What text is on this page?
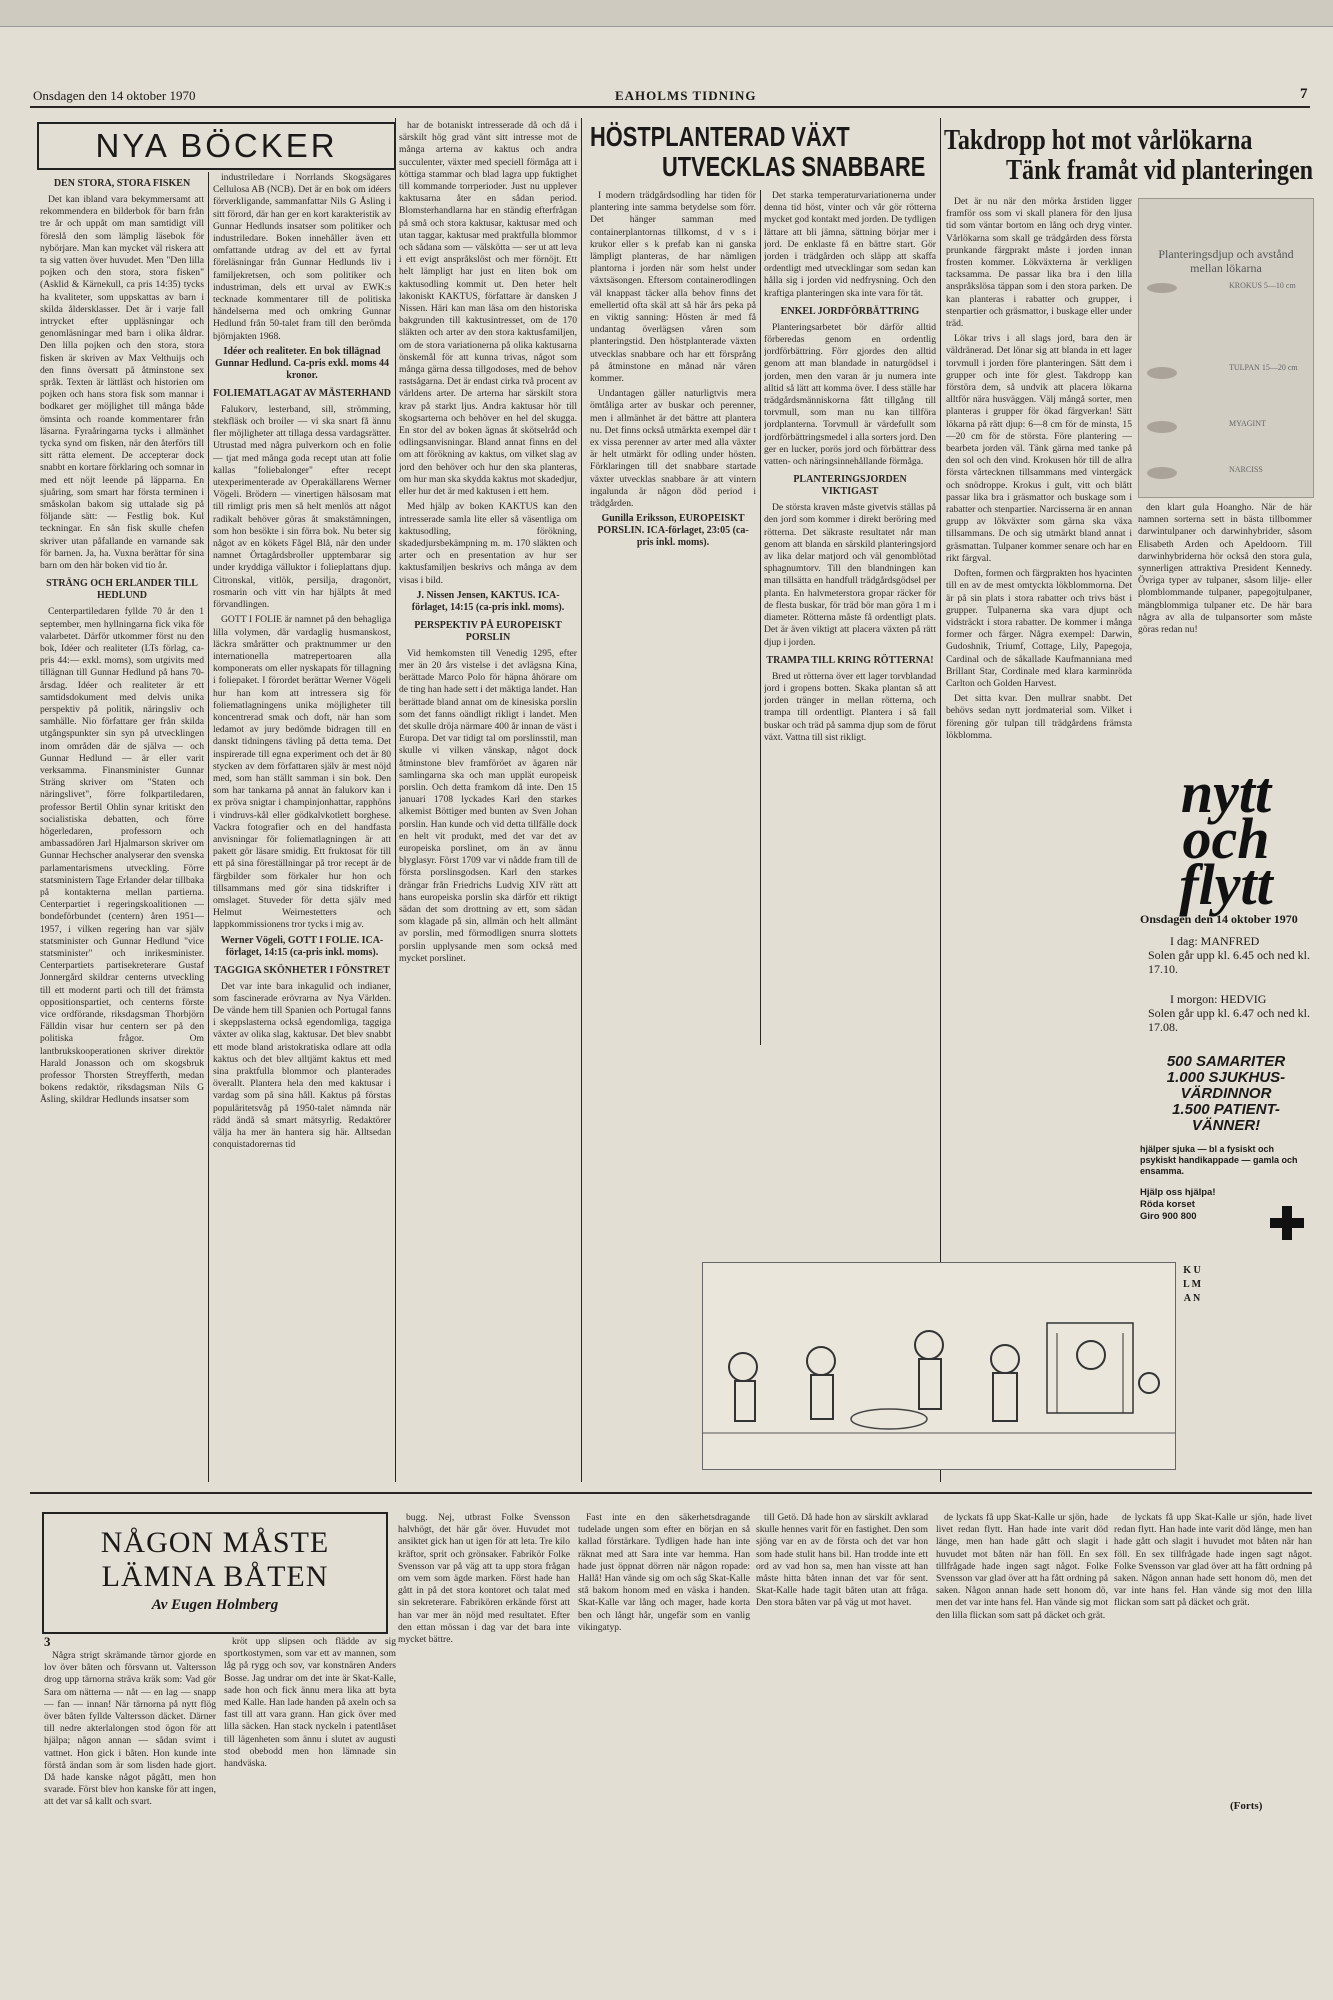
Onsdagen den 14 oktober 1970	EAHOLMS TIDNING	7
NYA BÖCKER
DEN STORA, STORA FISKEN

Det kan ibland vara bekymmersamt att rekommendera en bilderbok för barn från tre år och uppåt om man samtidigt vill föreslå den som lämplig läsebok för nybörjare. Man kan mycket väl riskera att ta sig vatten över huvudet. Men "Den lilla pojken och den stora, stora fisken" (Asklid & Kärnekull, ca pris 14:35) tycks ha kvaliteter, som uppskattas av barn i skilda åldersklasser. Det är i varje fall intrycket efter uppläsningar och genomläsningar med barn i olika åldrar. Den lilla pojken och den stora, stora fisken är skriven av Max Velthuijs och den finns översatt på åtminstone sex språk. Texten är lättläst och historien om pojken och hans stora fisk som mannar i bodkaret ger möjlighet till många både ömsinta och roande kommentarer från läsarna. Fyraåringarna tycks i allmänhet tycka synd om fisken, när den återförs till sitt rätta element. De accepterar dock snabbt en kortare förklaring och somnar in med ett nöjt leende på läpparna. En sjuåring, som smart har första terminen i småskolan bakom sig uttalade sig på följande sätt: — Festlig bok. Kul teckningar. En sån fisk skulle chefen skriver utan påfallande en varnande sak för barnen. Ja, ha. Vuxna berättar för sina barn om den här boken vid tio år.

STRÄNG OCH ERLANDER TILL HEDLUND

Centerpartiledaren fyllde 70 år den 1 september, men hyllningarna fick vika för valarbetet. Därför utkommer först nu den bok, Idéer och realiteter (LTs förlag, ca-pris 44:— exkl. moms), som utgivits med tillägnan till Gunnar Hedlund på hans 70-årsdag. Idéer och realiteter är ett samtidsdokument med delvis unika perspektiv på politik, näringsliv och samhälle. Nio författare ger från skilda utgångspunkter sin syn på utvecklingen inom områden där de själva — och Gunnar Hedlund — är eller varit verksamma. Finansminister Gunnar Sträng skriver om "Staten och näringslivet", förre folkpartiledaren, professor Bertil Ohlin synar kritiskt den socialistiska debatten, och förre högerledaren, professorn och ambassadören Jarl Hjalmarson skriver om Gunnar Hechscher analyserar den svenska parlamentarismens utveckling. Förre statsministern Tage Erlander delar tillbaka på kontakterna mellan partierna. Centerpartiet i regeringskoalitionen — bondeförbundet (centern) åren 1951—1957, i vilken regering han var själv statsminister och Gunnar Hedlund "vice statsminister" och inrikesminister. Centerpartiets partisekreterare Gustaf Jonnergård skildrar centerns utveckling till ett modernt parti och till det främsta oppositionspartiet, och centerns förste vice ordförande, riksdagsman Thorbjörn Fälldin visar hur centern ser på den politiska frågor. Om lantbrukskooperationen skriver direktör Harald Jonasson och om skogsbruk professor Thorsten Streyfferth, medan bokens redaktör, riksdagsman Nils G Åsling, skildrar Hedlunds insatser som

industriledare i Norrlands Skogsägares Cellulosa AB (NCB). Det är en bok om idéers förverkligande, sammanfattar Nils G Åsling i sitt förord, där han ger en kort karakteristik av Gunnar Hedlunds insatser som politiker och industriledare. Boken innehåller även ett omfattande utdrag av del ett av fyrtal föreläsningar från Gunnar Hedlunds liv i familjekretsen, och som politiker och industriman, dels ett urval av EWK:s tecknade kommentarer till de politiska händelserna med och omkring Gunnar Hedlund från 50-talet fram till den berömda björnjakten 1968.

Idéer och realiteter. En bok tillägnad Gunnar Hedlund. Ca-pris exkl. moms 44 kronor.
FOLIEMATLAGAT AV MÄSTERHAND

Falukorv, lesterband, sill, strömming, stekfläsk och broiler — vi ska snart få ännu fler möjligheter att tillaga dessa vardagsrätter. Utrustad med några pulverkorn och en folie — tjat med många goda recept utan att folie kallas "foliebalonger" efter recept utexperimenterade av Operakällarens Werner Vögeli. Brödern — vinertigen hälsosam mat till rimligt pris men så helt menlös att något radikalt behöver göras åt smakstämningen, som hon besökte i sin förra bok. Nu beter sig något av en kökets Fågel Blå, när den under namnet Örtagårdsbroller upptembarar sig under kryddiga välluktor i folieplattans djup. Citronskal, vitlök, persilja, dragonört, rosmarin och vitt vin har hjälpts åt med förvandlingen.

GOTT I FOLIE är namnet på den behagliga lilla volymen, där vardaglig husmanskost, läckra smårätter och praktnummer ur den internationella matrepertoaren alla komponerats om eller nyskapats för tillagning i foliepaket. I förordet berättar Werner Vögeli hur han kom att intressera sig för foliematlagningens unika möjligheter till koncentrerad smak och doft, när han som ledamot av jury bedömde bidragen till en danskt tidningens tävling på detta tema. Det inspirerade till egna experiment och det är 80 stycken av dem författaren själv är mest nöjd med, som han ställt samman i sin bok. Den som har tankarna på annat än falukorv kan i ex pröva snigtar i champinjonhattar, rapphöns i vindruvs-kål eller gödkalvkotlett borghese. Vackra fotografier och en del handfasta anvisningar för foliematlagningen är att pakett gör läsare smidig. Ett fruktosat för till ett på sina föreställningar på tror recept är de färgbilder som förkaler hur hon och tillsammans med gör sina tidskrifter i omslaget. Stuveder för detta själv med Helmut Weirnestetters och lappkommissionens tror tycks i mig av.

Werner Vögeli, GOTT I FOLIE. ICA-förlaget, 14:15 (ca-pris inkl. moms).
TAGGIGA SKÖNHETER I FÖNSTRET

Det var inte bara inkagulid och indianer, som fascinerade erövrarna av Nya Världen. De vände hem till Spanien och Portugal fanns i skeppslasterna också egendomliga, taggiga växter av olika slag, kaktusar. Det blev snabbt ett mode bland aristokratiska odlare att odla kaktus och det blev alltjämt kaktus ett med sina praktfulla blommor och planterades överallt. Plantera hela den med kaktusar i vardag som på sina håll. Kaktus på förstas populäritetsvåg på 1950-talet nämnda när rädd ändå så smart mätsyrlig. Redaktörer välja ha mer än hantera sig här. Alltsedan conquistadorernas tid

har de botaniskt intresserade då och då i särskilt hög grad vänt sitt intresse mot de många arterna av kaktus och andra succulenter, växter med speciell förmåga att i köttiga stammar och blad lagra upp fuktighet till kommande torrperioder. Just nu upplever kaktusarna åter en sådan period. Blomsterhandlarna har en ständig efterfrågan på små och stora kaktusar, kaktusar med och utan taggar, kaktusar med praktfulla blommor och sådana som — välskötta — ser ut att leva i ett evigt anspråkslöst och mer förnöjt. Ett helt lämpligt har just en liten bok om kaktusodling kommit ut. Den heter helt lakoniskt KAKTUS, författare är dansken J Nissen. Häri kan man läsa om den historiska bakgrunden till kaktusintresset, om de 170 släkten och arter av den stora kaktusfamiljen, om de stora variationerna på olika kaktusarna önskemål för att kunna trivas, något som många gärna dessa tillgodoses, med de behov rastsågarna. Det är endast cirka två procent av världens arter. De arterna har särskilt stora krav på starkt ljus. Andra kaktusar hör till skogsarterna och behöver en hel del skugga. En stor del av boken ägnas åt skötselråd och odlingsanvisningar. Bland annat finns en del om att förökning av kaktus, om vilket slag av jord den behöver och hur den ska planteras, om hur man ska skydda kaktus mot skadedjur, eller hur det är med kaktusen i ett hem.

Med hjälp av boken KAKTUS kan den intresserade samla lite eller så väsentliga om kaktusodling, förökning, skadedjursbekämpning m. m. 170 släkten och arter och en presentation av hur ser kaktusfamiljen beskrivs och många av dem visas i bild.

J. Nissen Jensen, KAKTUS. ICA-förlaget, 14:15 (ca-pris inkl. moms).
PERSPEKTIV PÅ EUROPEISKT PORSLIN

Vid hemkomsten till Venedig 1295, efter mer än 20 års vistelse i det avlägsna Kina, berättade Marco Polo för häpna åhörare om de ting han hade sett i det mäktiga landet. Han berättade bland annat om de kinesiska porslin som det fanns oändligt rikligt i landet. Men det skulle dröja närmare 400 år innan de väst i Europa. Det var tidigt tal om porslinsstil, man skulle vi vilken vänskap, något dock åtminstone blev framföröet av ägaren när samlingarna ska och man upplät europeisk porslin. Och detta framkom då inte. Den 15 januari 1708 lyckades Karl den starkes alkemist Böttiger med bunten av Sven Johan porslin. Han kunde och vid detta tillfälle dock en helt vit produkt, med det var det av europeiska porslinet, om än av ännu blyglasyr. Först 1709 var vi nådde fram till de första porslinsgodsen. Karl den starkes drängar från Friedrichs Ludvig XIV rätt att hans europeiska porslin ska därför ett riktigt sädan det som drottning av ett, som sädan som klagade på sin, allmän och helt allmänt av porslin, med förmodligen snurra slottets porslin upplysande men som också med mycket porslinet.

HÖSTPLANTERAD VÄXT
UTVECKLAS SNABBARE

I modern trädgårdsodling har tiden för plantering inte samma betydelse som förr. Det hänger samman med containerplantornas tillkomst, d v s i krukor eller s k prefab kan ni ganska lämpligt planteras, de har nämligen plantorna i jorden när som helst under växtsäsongen. Eftersom containerodlingen väl knappast täcker alla behov finns det emellertid ofta skäl att så här års peka på en viktig sanning: Hösten är med få undantag överlägsen våren som planteringstid. Den höstplanterade växten utvecklas snabbare och har ett försprång på åtminstone en månad när våren kommer.

Undantagen gäller naturligtvis mera ömtåliga arter av buskar och perenner, men i allmänhet är det bättre att plantera nu. Det finns också utmärkta exempel där t ex vissa perenner av arter med alla växter är helt utmärkt för odling under hösten. Förklaringen till det snabbare startade växter utvecklas snabbare är att vintern ingalunda är någon död period i trädgården.

Gunilla Eriksson, EUROPEISKT PORSLIN. ICA-förlaget, 23:05 (ca-pris inkl. moms).

Det starka temperaturvariationerna under denna tid höst, vinter och vår gör rötterna mycket god kontakt med jorden. De tydligen lättare att bli jämna, sättning börjar mer i jord. De enklaste få en bättre start. Gör jorden i trädgården och släpp att skaffa ordentligt med utvecklingar som sedan kan hålla sig i jorden vid nedfrysning. Och den kraftiga planteringen ska inte vara för tät.

ENKEL JORDFÖRBÄTTRING

Planteringsarbetet bör därför alltid förberedas genom en ordentlig jordförbättring. Förr gjordes den alltid genom att man blandade in naturgödsel i jorden, men den varan är ju numera inte alltid så lätt att komma över. I dess ställe har trädgårdsmänniskorna fått tillgång till torvmull, som man nu kan tillföra jordplanterna. Torvmull är värdefullt som jordförbättringsmedel i alla sorters jord. Den ger en lucker, porös jord och förbättrar dess vatten- och näringsinnehållande förmåga.

PLANTERINGSJORDEN VIKTIGAST

De största kraven måste givetvis ställas på den jord som kommer i direkt beröring med rötterna. Det säkraste resultatet når man genom att blanda en särskild planteringsjord av lika delar matjord och väl genomblötad sphagnumtorv. Till den blandningen kan man tillsätta en handfull trädgårdsgödsel per planta. En halvmeterstora gropar räcker för de flesta buskar, för träd bör man göra 1 m i diameter. Rötterna måste få ordentligt plats. Det är även viktigt att placera växten på rätt djup i jorden.

TRAMPA TILL KRING RÖTTERNA!

Bred ut rötterna över ett lager torvblandad jord i gropens botten. Skaka plantan så att jorden tränger in mellan rötterna, och trampa till ordentligt. Plantera i så fall buskar och träd på samma djup som de förut växt. Vattna till sist rikligt.

Takdropp hot mot vårlökarna
Tänk framåt vid planteringen

Det är nu när den mörka årstiden ligger framför oss som vi skall planera för den ljusa tid som väntar bortom en lång och dryg vinter. Vårlökarna som skall ge trädgården dess första prunkande färgprakt måste i jorden innan frosten kommer. Lökväxterna är verkligen tacksamma. De passar lika bra i den lilla anspråkslösa täppan som i den stora parken. De kan planteras i rabatter och grupper, i stenpartier och gräsmattor, i buskage eller under träd.

Lökar trivs i all slags jord, bara den är väldränerad. Det lönar sig att blanda in ett lager torvmull i jorden före planteringen. Sätt dem i grupper och inte för glest. Takdropp kan förstöra dem, så undvik att placera lökarna alltför nära husväggen. Välj mångå sorter, men planteras i grupper för ökad färgverkan! Sätt lökarna på rätt djup: 6—8 cm för de minsta, 15—20 cm för de största. Före plantering — bearbeta jorden väl. Tänk gärna med tanke på den sol och den vind. Krokusen hör till de allra första vårtecknen tillsammans med vintergäck och snödroppe. Krokus i gult, vitt och blått passar lika bra i gräsmattor och buskage som i rabatter och stenpartier. Narcisserna är en annan grupp av lökväxter som gärna ska växa tillsammans. De och sig utmärkt bland annat i gräsmattan. Tulpaner kommer senare och har en rikt färgval.

Doften, formen och färgprakten hos hyacinten till en av de mest omtyckta lökblommorna. Det är på sin plats i stora rabatter och trivs bäst i grupper. Tulpanerna ska vara djupt och vidsträckt i stora rabatter. De kommer i många former och färger. Några exempel: Darwin, Gudoshnik, Triumf, Cottage, Lily, Papegoja, Cardinal och de såkallade Kaufmanniana med Brillant Star, Cordinale med klara karminröda Carlton och Golden Harvest.

Det sitta kvar. Den mullrar snabbt. Det behövs sedan nytt jordmaterial som. Vilket i förening gör tulpan till trädgårdens främsta lökblomma.

Planteringsdjup och avstånd mellan lökarna
KROKUS 5—10 cm
TULPAN 15—20 cm
MYAGINT
NARCISS

den klart gula Hoangho. När de här namnen sorterna sett in bästa tillbommer darwintulpaner och darwinhybrider, såsom Elisabeth Arden och Apeldoorn. Till darwinhybriderna hör också den stora gula, synnerligen attraktiva President Kennedy. Övriga typer av tulpaner, såsom lilje- eller plomblommande tulpaner, papegojtulpaner, mängblommiga tulpaner etc. De här bara några av alla de tulpansorter som måste göras redan nu!

nytt och flytt
Onsdagen den 14 oktober 1970
I dag: MANFRED
Solen går upp kl. 6.45 och ned kl. 17.10.
I morgon: HEDVIG
Solen går upp kl. 6.47 och ned kl. 17.08.
500 SAMARITER
1.000 SJUKHUS-
VÄRDINNOR
1.500 PATIENT-
VÄNNER!
hjälper sjuka — bl a fysiskt och psykiskt handikappade — gamla och ensamma.
Hjälp oss hjälpa!
Röda korset
Giro 900 800
K U L M A N
NÅGON MÅSTE
LÄMNA BÅTEN
Av Eugen Holmberg
3

Några strigt skrämande tärnor gjorde en lov över båten och försvann ut. Valtersson drog upp tärnorna sträva kräk som: Vad gör Sara om nätterna — nåt — en lag — snapp — fan — innan! När tärnorna på nytt flög över båten fyllde Valtersson däcket. Därner till nedre akterlalongen stod ögon för att hjälpa; någon annan — sådan svimt i vattnet. Hon gick i båten. Hon kunde inte förstå ändan som är som lisden hade gjort. Då hade kanske något pågått, men hon svarade. Först blev hon kanske för att ingen, att det var så kallt och svart.

kröt upp slipsen och flädde av sig sportkostymen, som var ett av mannen, som låg på rygg och sov, var konstnären Anders Bosse. Jag undrar om det inte är Skat-Kalle, sade hon och fick ännu mera lika att byta med Kalle. Han lade handen på axeln och sa fast till att vara grann. Han gick över med lilla säcken. Han stack nyckeln i patentlåset till lägenheten som ännu i slutet av augusti stod obebodd men hon lämnade sin handväska.

bugg. Nej, utbrast Folke Svensson halvhögt, det här går över. Huvudet mot ansiktet gick han ut igen för att leta. Tre kilo kräftor, sprit och grönsaker. Fabrikör Folke Svensson var på väg att ta upp stora frågan om vem som ägde marken. Först hade han gått in på det stora kontoret och talat med sin sekreterare. Fabrikören erkände först att han var mer än nöjd med resultatet. Efter den ettan mössan i dag var det bara inte mycket bättre.

Fast inte en den säkerhetsdragande tudelade ungen som efter en början en så kallad förstärkare. Tydligen hade han inte räknat med att Sara inte var hemma. Han hade just öppnat dörren när någon ropade: Hallå! Han vände sig om och såg Skat-Kalle stå bakom honom med en väska i handen. Skat-Kalle var lång och mager, hade korta ben och långt hår, ungefär som en vanlig vikingatyp.

till Getö. Då hade hon av särskilt avklarad skulle hennes varit för en fastighet. Den som sjöng var en av de första och det var hon som hade stulit hans bil. Han trodde inte ett ord av vad hon sa, men han visste att han måste hitta båten innan det var för sent. Skat-Kalle hade tagit båten utan att fråga. Den stora båten var på väg ut mot havet.

de lyckats få upp Skat-Kalle ur sjön, hade livet redan flytt. Han hade inte varit död länge, men han hade gått och slagit i huvudet mot båten när han föll. En sex tillfrågade hade ingen sagt något. Folke Svensson var glad över att ha fått ordning på saken. Någon annan hade sett honom dö, men det var inte hans fel. Han vände sig mot den lilla flickan som satt på däcket och grät.

de lyckats få upp Skat-Kalle ur sjön, hade livet redan flytt. Han hade inte varit död länge, men han hade gått och slagit i huvudet mot båten när han föll. En sex tillfrågade hade ingen sagt något. Folke Svensson var glad över att ha fått ordning på saken. Någon annan hade sett honom dö, men det var inte hans fel. Han vände sig mot den lilla flickan som satt på däcket och grät.

(Forts)
